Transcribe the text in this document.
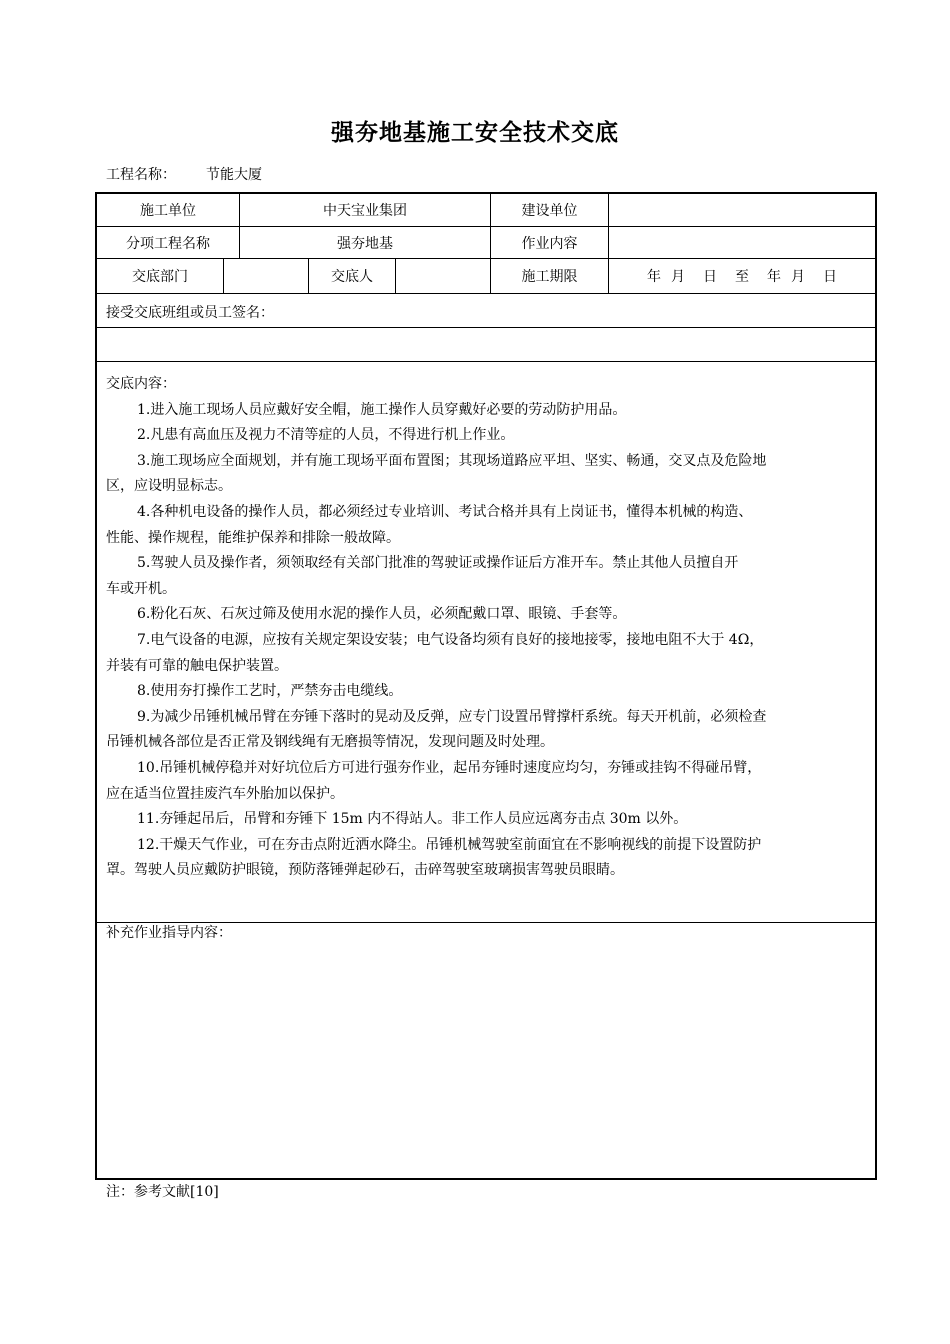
强夯地基施工安全技术交底
工程名称： 节能大厦
施工单位	中天宝业集团	建设单位
分项工程名称	强夯地基	作业内容
交底部门	交底人	施工期限	年 月 日 至 年 月 日
接受交底班组或员工签名：

交底内容：

1.进入施工现场人员应戴好安全帽，施工操作人员穿戴好必要的劳动防护用品。

2.凡患有高血压及视力不清等症的人员，不得进行机上作业。

3.施工现场应全面规划，并有施工现场平面布置图；其现场道路应平坦、坚实、畅通，交叉点及危险地

区，应设明显标志。

4.各种机电设备的操作人员，都必须经过专业培训、考试合格并具有上岗证书，懂得本机械的构造、

性能、操作规程，能维护保养和排除一般故障。

5.驾驶人员及操作者，须领取经有关部门批准的驾驶证或操作证后方准开车。禁止其他人员擅自开

车或开机。

6.粉化石灰、石灰过筛及使用水泥的操作人员，必须配戴口罩、眼镜、手套等。

7.电气设备的电源，应按有关规定架设安装；电气设备均须有良好的接地接零，接地电阻不大于 4Ω，

并装有可靠的触电保护装置。

8.使用夯打操作工艺时，严禁夯击电缆线。

9.为减少吊锤机械吊臂在夯锤下落时的晃动及反弹，应专门设置吊臂撑杆系统。每天开机前，必须检查

吊锤机械各部位是否正常及钢线绳有无磨损等情况，发现问题及时处理。

10.吊锤机械停稳并对好坑位后方可进行强夯作业，起吊夯锤时速度应均匀，夯锤或挂钩不得碰吊臂，

应在适当位置挂废汽车外胎加以保护。

11.夯锤起吊后，吊臂和夯锤下 15m 内不得站人。非工作人员应远离夯击点 30m 以外。

12.干燥天气作业，可在夯击点附近洒水降尘。吊锤机械驾驶室前面宜在不影响视线的前提下设置防护

罩。驾驶人员应戴防护眼镜，预防落锤弹起砂石，击碎驾驶室玻璃损害驾驶员眼睛。

补充作业指导内容：
注：参考文献[10]
